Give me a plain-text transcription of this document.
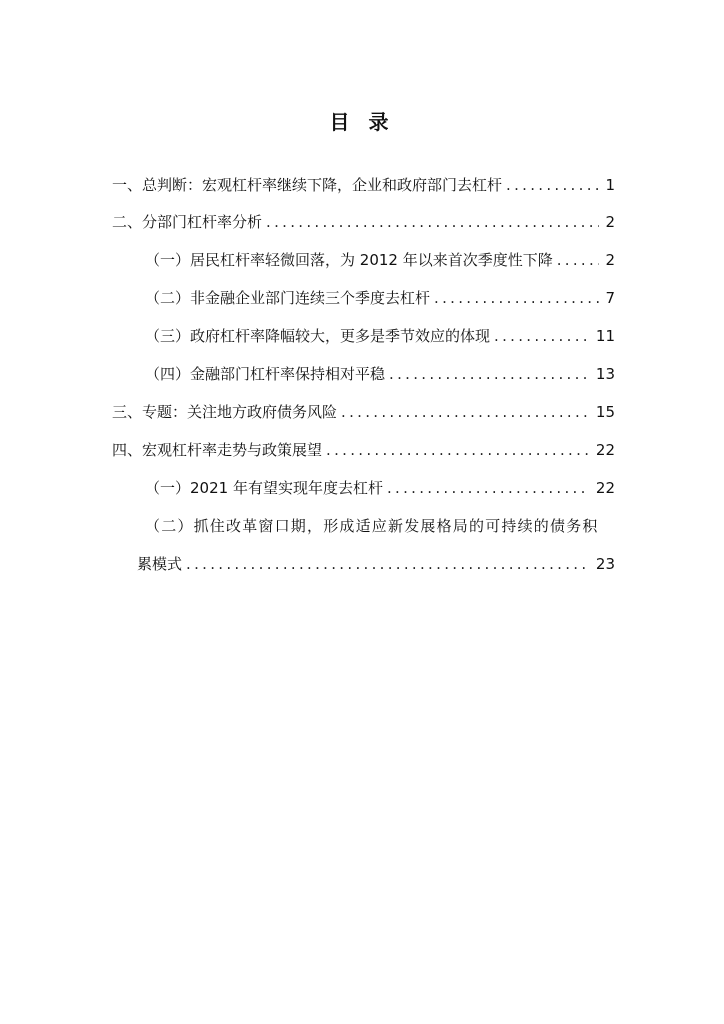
目 录
一、总判断：宏观杠杆率继续下降，企业和政府部门去杠杆 .....	1
二、分部门杠杆率分析 .....	2
（一）居民杠杆率轻微回落，为 2012 年以来首次季度性下降 .....	2
（二）非金融企业部门连续三个季度去杠杆 .....	7
（三）政府杠杆率降幅较大，更多是季节效应的体现 .....	11
（四）金融部门杠杆率保持相对平稳 .....	13
三、专题：关注地方政府债务风险 .....	15
四、宏观杠杆率走势与政策展望 .....	22
（一）2021 年有望实现年度去杠杆 .....	22
（二）抓住改革窗口期，形成适应新发展格局的可持续的债务积
累模式 .....	23
